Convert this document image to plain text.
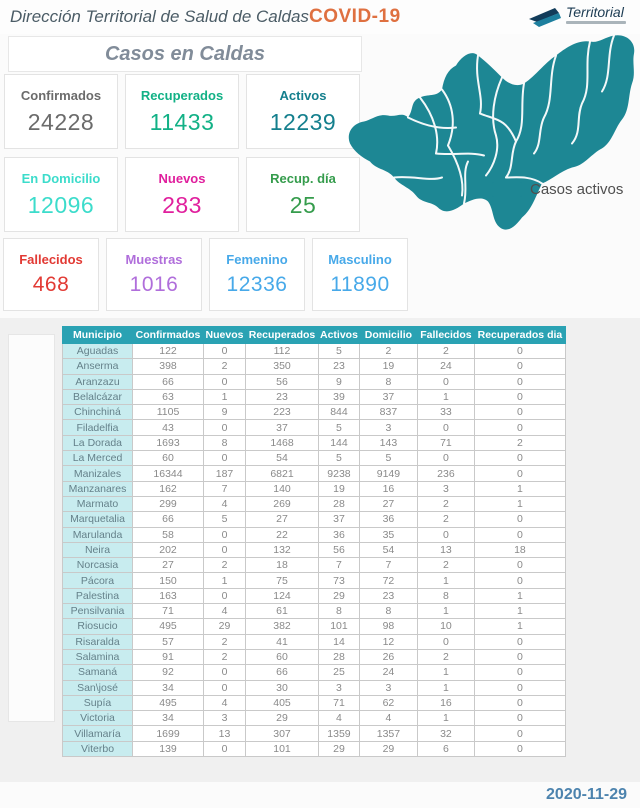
Dirección Territorial de Salud de Caldas COVID-19	Territorial
Casos en Caldas
Confirmados
24228
Recuperados
11433
Activos
12239
En Domicilio
12096
Nuevos
283
Recup. día
25
Fallecidos
468
Muestras
1016
Femenino
12336
Masculino
11890
Casos activos
Municipio	Confirmados	Nuevos	Recuperados	Activos	Domicilio	Fallecidos	Recuperados dia
Aguadas	122	0	112	5	2	2	0
Anserma	398	2	350	23	19	24	0
Aranzazu	66	0	56	9	8	0	0
Belalcázar	63	1	23	39	37	1	0
Chinchiná	1105	9	223	844	837	33	0
Filadelfia	43	0	37	5	3	0	0
La Dorada	1693	8	1468	144	143	71	2
La Merced	60	0	54	5	5	0	0
Manizales	16344	187	6821	9238	9149	236	0
Manzanares	162	7	140	19	16	3	1
Marmato	299	4	269	28	27	2	1
Marquetalia	66	5	27	37	36	2	0
Marulanda	58	0	22	36	35	0	0
Neira	202	0	132	56	54	13	18
Norcasia	27	2	18	7	7	2	0
Pácora	150	1	75	73	72	1	0
Palestina	163	0	124	29	23	8	1
Pensilvania	71	4	61	8	8	1	1
Riosucio	495	29	382	101	98	10	1
Risaralda	57	2	41	14	12	0	0
Salamina	91	2	60	28	26	2	0
Samaná	92	0	66	25	24	1	0
San\josé	34	0	30	3	3	1	0
Supía	495	4	405	71	62	16	0
Victoria	34	3	29	4	4	1	0
Villamaría	1699	13	307	1359	1357	32	0
Viterbo	139	0	101	29	29	6	0
2020-11-29
